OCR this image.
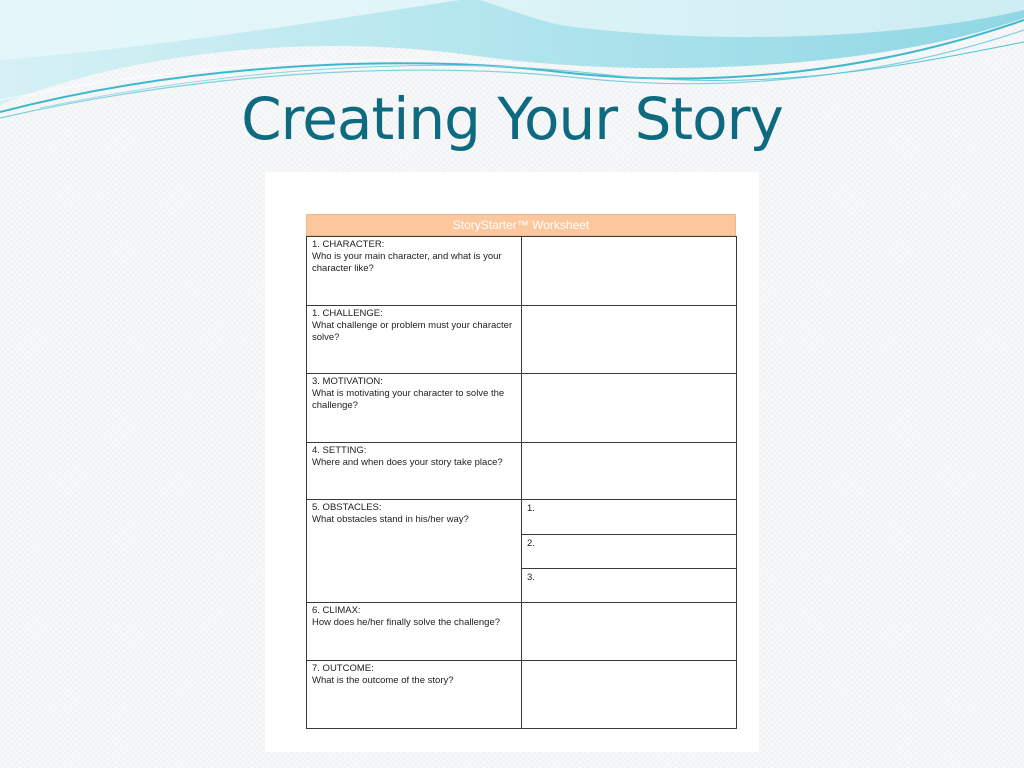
Creating Your Story
StoryStarter™ Worksheet
1. CHARACTER:
Who is your main character, and what is your character like?	

1. CHALLENGE:
What challenge or problem must your character solve?	

3. MOTIVATION:
What is motivating your character to solve the challenge?	

4. SETTING:
Where and when does your story take place?	

5. OBSTACLES:
What obstacles stand in his/her way?	1.

	2.

	3.

6. CLIMAX:
How does he/her finally solve the challenge?	

7. OUTCOME:
What is the outcome of the story?	
